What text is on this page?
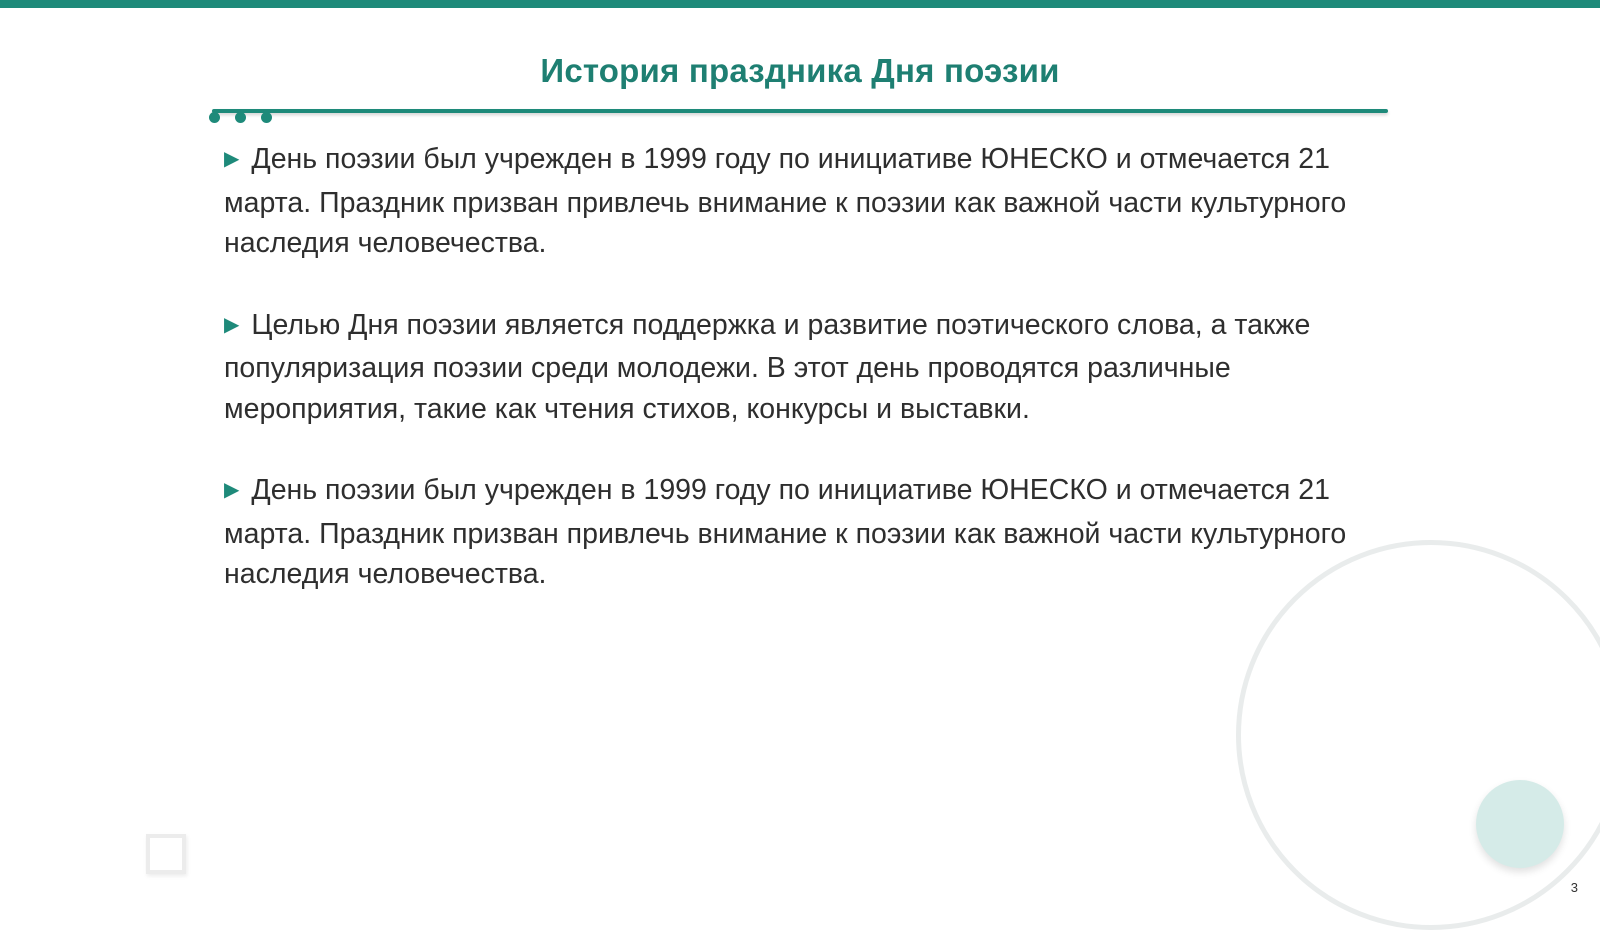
История праздника Дня поэзии

▶ День поэзии был учрежден в 1999 году по инициативе ЮНЕСКО и отмечается 21 марта. Праздник призван привлечь внимание к поэзии как важной части культурного наследия человечества.

▶ Целью Дня поэзии является поддержка и развитие поэтического слова, а также популяризация поэзии среди молодежи. В этот день проводятся различные мероприятия, такие как чтения стихов, конкурсы и выставки.

▶ День поэзии был учрежден в 1999 году по инициативе ЮНЕСКО и отмечается 21 марта. Праздник призван привлечь внимание к поэзии как важной части культурного наследия человечества.

3
